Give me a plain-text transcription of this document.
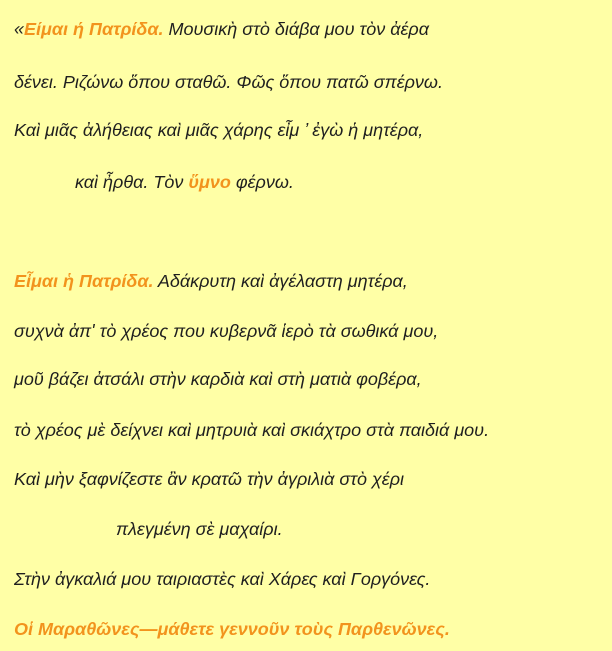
«Είμαι ή Πατρίδα. Μουσικὴ στὸ διάβα μου τὸν ἀέρα
δένει. Ριζώνω ὅπου σταθῶ. Φῶς ὅπου πατῶ σπέρνω.
Καὶ μιᾶς ἀλήθειας καὶ μιᾶς χάρης εἶμ ’ ἐγὼ ἡ μητέρα,
καὶ ἦρθα. Τὸν ὕμνο φέρνω.
Εἶμαι ἡ Πατρίδα. Αδάκρυτη καὶ ἀγέλαστη μητέρα,
συχνὰ ἀπ' τὸ χρέος που κυβερνᾶ ἱερὸ τὰ σωθικά μου,
μοῦ βάζει ἀτσάλι στὴν καρδιὰ καὶ στὴ ματιὰ φοβέρα,
τὸ χρέος μὲ δείχνει καὶ μητρυιὰ καὶ σκιάχτρο στὰ παιδιά μου.
Καὶ μὴν ξαφνίζεστε ἂν κρατῶ τὴν ἀγριλιὰ στὸ χέρι
πλεγμένη σὲ μαχαίρι.
Στὴν ἀγκαλιά μου ταιριαστὲς καὶ Χάρες καὶ Γοργόνες.
Οἱ Μαραθῶνες—μάθετε γεννοῦν τοὺς Παρθενῶνες.
